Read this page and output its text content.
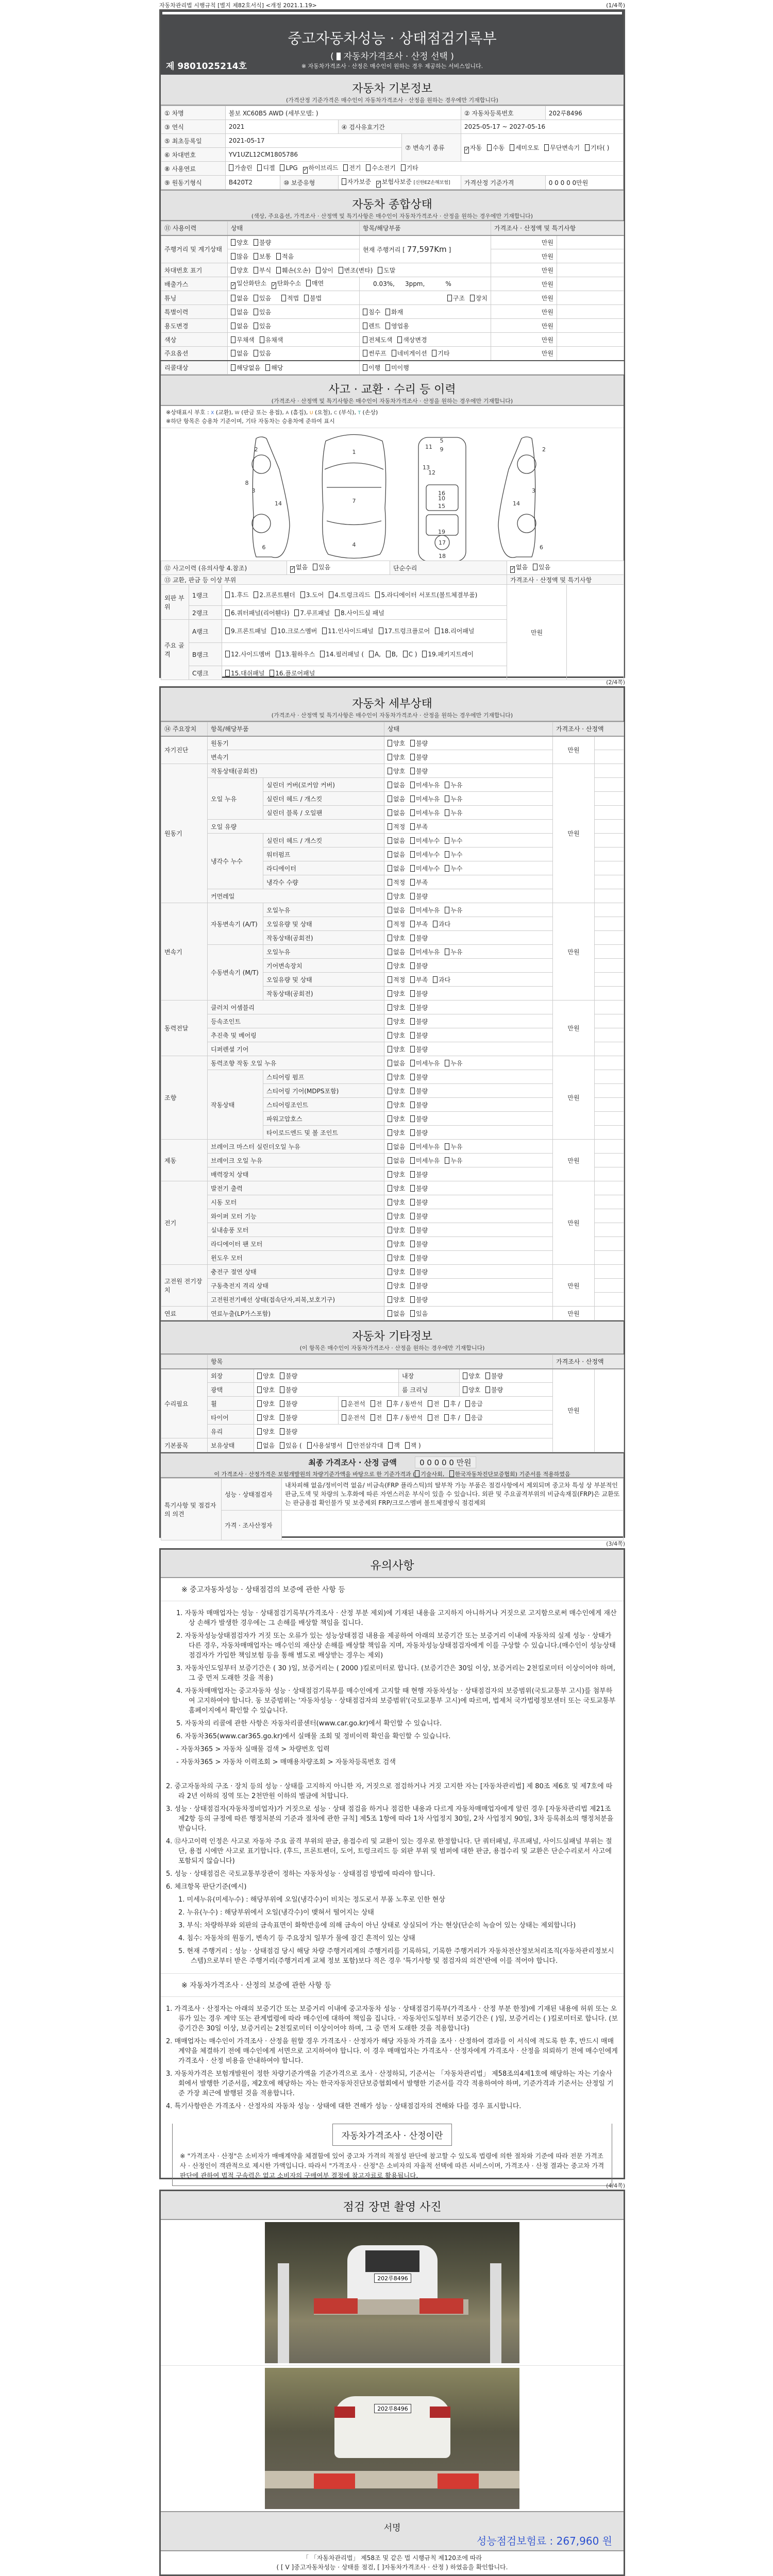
자동차관리법 시행규칙 [별지 제82호서식] <개정 2021.1.19>	(1/4쪽)
중고자동차성능 · 상태점검기록부
( 자동차가격조사 · 산정 선택 )
※ 자동차가격조사 · 산정은 매수인이 원하는 경우 제공하는 서비스입니다.
제 9801025214호
자동차 기본정보

(가격산정 기준가격은 매수인이 자동차가격조사 · 산정을 원하는 경우에만 기재합니다)

① 차명	볼보 XC60B5 AWD (세부모델: )				② 자동차등록번호	202루8496
③ 연식	2021		④ 검사유효기간		2025-05-17 ~ 2027-05-16	
⑤ 최초등록일	2021-05-17			⑦ 변속기 종류	✓ 자동 수동 세미오토 무단변속기 기타( )	
⑥ 차대번호	YV1UZL12CM1805786					
⑧ 사용연료	가솔린 디젤 LPG ✓ 하이브리드 전기 수소전기 기타					
⑨ 원동기형식	B420T2	⑩ 보증유형	자가보증 ✓ 보험사보증 [신한EZ손해보험]		가격산정 기준가격	0 0 0 0 0만원
자동차 종합상태

(색상, 주요옵션, 가격조사 · 산정액 및 특기사항은 매수인이 자동차가격조사 · 산정을 원하는 경우에만 기재합니다)

⑪ 사용이력	상태	항목/해당부품	가격조사 · 산정액 및 특기사항	
주행거리 및 계기상태	양호 불량	현재 주행거리 [ 77,597Km ]	만원	
	많음 보통 적음		만원	
차대번호 표기	양호 부식 훼손(오손) 상이 변조(변타) 도말		만원	
배출가스	✓ 일산화탄소 ✓ 탄화수소 매연	0.03%, 3ppm, %	만원	
튜닝	없음 있음 적법 불법	구조 장치	만원	
특별이력	없음 있음	침수 화재	만원	
용도변경	없음 있음	렌트 영업용	만원	
색상	무채색 유채색	전체도색 색상변경	만원	
주요옵션	없음 있음	썬루프 네비게이션 기타	만원	
리콜대상	해당없음 해당	이행 미이행		
사고 · 교환 · 수리 등 이력

(가격조사 · 산정액 및 특기사항은 매수인이 자동차가격조사 · 산정을 원하는 경우에만 기재합니다)

※상태표시 부호 : X (교환), W (판금 또는 용접), A (흠집), U (요철), C (부식), T (손상)
※하단 항목은 승용차 기준이며, 기타 자동차는 승용차에 준하여 표시
1
2
3
4
5
6
7
8
9
10
11
12
13
14	15
16
17
18
19
2
3
6
14
⑫ 사고이력 (유의사항 4.참조)			✓ 없음 있음	단순수리	✓ 없음 있음	
⑬ 교환, 판금 등 이상 부위					가격조사 · 산정액 및 특기사항	
외판 부위	1랭크	1.후드 2.프론트휀더 3.도어 4.트렁크리드 5.라디에이터 서포트(볼트체결부품)			만원	
	2랭크	6.쿼터패널(리어휀다) 7.루프패널 8.사이드실 패널				
주요 골격	A랭크	9.프론트패널 10.크로스멤버 11.인사이드패널 17.트렁크플로어 18.리어패널				
	B랭크	12.사이드멤버 13.휠하우스 14.필러패널 ( A, B, C ) 19.패키지트레이				
	C랭크	15.대쉬패널 16.플로어패널				
(2/4쪽)
자동차 세부상태

(가격조사 · 산정액 및 특기사항은 매수인이 자동차가격조사 · 산정을 원하는 경우에만 기재합니다)

⑭ 주요장치	항목/해당부품		상태	가격조사 · 산정액	
자기진단	원동기		양호 불량	만원	
	변속기		양호 불량		
원동기	작동상태(공회전)		양호 불량	만원	
	오일 누유	실린더 커버(로커암 커버)	없음 미세누유 누유		
		실린더 헤드 / 개스킷	없음 미세누유 누유		
		실린더 블록 / 오일팬	없음 미세누유 누유		
	오일 유량		적정 부족		
	냉각수 누수	실린더 헤드 / 개스킷	없음 미세누수 누수		
		워터펌프	없음 미세누수 누수		
		라디에이터	없음 미세누수 누수		
		냉각수 수량	적정 부족		
	커먼레일		양호 불량		
변속기	자동변속기 (A/T)	오일누유	없음 미세누유 누유	만원	
		오일유량 및 상태	적정 부족 과다		
		작동상태(공회전)	양호 불량		
	수동변속기 (M/T)	오일누유	없음 미세누유 누유		
		기어변속장치	양호 불량		
		오일유량 및 상태	적정 부족 과다		
		작동상태(공회전)	양호 불량		
동력전달	클러치 어셈블리		양호 불량	만원	
	등속조인트		양호 불량		
	추진축 및 베어링		양호 불량		
	디퍼렌셜 기어		양호 불량		
조향	동력조향 작동 오일 누유		없음 미세누유 누유	만원	
	작동상태	스티어링 펌프	양호 불량		
		스티어링 기어(MDPS포함)	양호 불량		
		스티어링조인트	양호 불량		
		파워고압호스	양호 불량		
		타이로드엔드 및 볼 조인트	양호 불량		
제동	브레이크 마스터 실린더오일 누유		없음 미세누유 누유	만원	
	브레이크 오일 누유		없음 미세누유 누유		
	배력장치 상태		양호 불량		
전기	발전기 출력		양호 불량	만원	
	시동 모터		양호 불량		
	와이퍼 모터 기능		양호 불량		
	실내송풍 모터		양호 불량		
	라디에이터 팬 모터		양호 불량		
	윈도우 모터		양호 불량		
고전원 전기장치	충전구 절연 상태		양호 불량	만원	
	구동축전지 격리 상태		양호 불량		
	고전원전기배선 상태(접속단자,피복,보호기구)		양호 불량		
연료	연료누출(LP가스포함)		없음 있음	만원	
자동차 기타정보

(이 항목은 매수인이 자동차가격조사 · 산정을 원하는 경우에만 기재합니다)

	항목					가격조사 · 산정액	
수리필요	외장	양호 불량		내장	양호 불량	만원	
	광택	양호 불량		룸 크리닝	양호 불량		
	휠	양호 불량	운전석 전 후 / 동반석 전 후 / 응급				
	타이어	양호 불량	운전석 전 후 / 동반석 전 후 / 응급				
	유리	양호 불량					
기본품목	보유상태	없음 있음 ( 사용설명서 안전삼각대 잭 잭 )					
최종 가격조사 · 산정 금액	0 0 0 0 0 만원
이 가격조사 · 산정가격은 보험개발원의 차량기준가액을 바탕으로 한 기준가격과 ( 기술사회, 한국자동차진단보증협회) 기준서를 적용하였음
특기사항 및 점검자의 의견	성능 · 상태점검자	내차피해 없음/정비이력 없음/ 비금속(FRP 플라스틱)의 탈부착 가능 부품은 점검사항에서 제외되며 중고차 특성 상 부분적인 판금,도색 및 차량의 노후화에 따른 자연스러운 부식이 있을 수 있습니다. 외판 및 주요골격부위의 비금속재질(FRP)은 교환또는 판금용접 확인불가 및 보증제외 FRP/크로스멤버 볼트체결방식 점검제외
	가격 · 조사산정자	
(3/4쪽)
유의사항
※ 중고자동차성능 · 상태점검의 보증에 관한 사항 등
1. 자동차 매매업자는 성능 · 상태점검기록부(가격조사 · 산정 부분 제외)에 기재된 내용을 고지하지 아니하거나 거짓으로 고지함으로써 매수인에게 재산상 손해가 발생한 경우에는 그 손해를 배상할 책임을 집니다.
2. 자동차성능상태점검자가 거짓 또는 오류가 있는 성능상태점검 내용을 제공하여 아래의 보증기간 또는 보증거리 이내에 자동차의 실제 성능 · 상태가 다른 경우, 자동차매매업자는 매수인의 재산상 손해를 배상할 책임을 지며, 자동차성능상태점검자에게 이를 구상할 수 있습니다.(매수인이 성능상태점검자가 가입한 책임보험 등을 통해 별도로 배상받는 경우는 제외)
3. 자동차인도일부터 보증기간은 ( 30 )일, 보증거리는 ( 2000 )킬로미터로 합니다. (보증기간은 30일 이상, 보증거리는 2천킬로미터 이상이어야 하며, 그 중 먼저 도래한 것을 적용)
4. 자동차매매업자는 중고자동차 성능 · 상태점검기록부를 매수인에게 고지할 때 현행 자동차성능 · 상태점검자의 보증범위(국토교통부 고시)를 첨부하여 고지하여야 합니다. 동 보증범위는 '자동차성능 · 상태점검자의 보증범위'(국토교통부 고시)에 따르며, 법제처 국가법령정보센터 또는 국토교통부 홈페이지에서 확인할 수 있습니다.
5. 자동차의 리콜에 관한 사항은 자동차리콜센터(www.car.go.kr)에서 확인할 수 있습니다.
6. 자동차365(www.car365.go.kr)에서 실매물 조회 및 정비이력 확인을 확인할 수 있습니다.
- 자동차365 > 자동차 실매물 검색 > 차량번호 입력
- 자동차365 > 자동차 이력조회 > 매매용차량조회 > 자동차등록번호 검색
2. 중고자동차의 구조 · 장치 등의 성능 · 상태를 고지하지 아니한 자, 거짓으로 점검하거나 거짓 고지한 자는 [자동차관리법] 제 80조 제6호 및 제7호에 따라 2년 이하의 징역 또는 2천만원 이하의 벌금에 처합니다.
3. 성능 · 상태점검자(자동차정비업자)가 거짓으로 성능 · 상태 점검을 하거나 점검한 내용과 다르게 자동차매매업자에게 알린 경우 [자동차관리법 제21조 제2항 등의 규정에 따른 행정처분의 기준과 절차에 관한 규칙] 제5조 1항에 따라 1차 사업정지 30일, 2차 사업정지 90일, 3차 등록취소의 행정처분을 받습니다.
4. ⑫사고이력 인정은 사고로 자동차 주요 골격 부위의 판금, 용접수리 및 교환이 있는 경우로 한정합니다. 단 쿼터패널, 루프패널, 사이드실패널 부위는 절단, 용접 시에만 사고로 표기합니다. (후드, 프론트펜더, 도어, 트렁크리드 등 외판 부위 및 범퍼에 대한 판금, 용접수리 및 교환은 단순수리로서 사고에 포함되지 않습니다)
5. 성능 · 상태점검은 국토교통부장관이 정하는 자동차성능 · 상태점검 방법에 따라야 합니다.
6. 체크항목 판단기준(예시)
1. 미세누유(미세누수) : 해당부위에 오일(냉각수)이 비치는 정도로서 부품 노후로 인한 현상
2. 누유(누수) : 해당부위에서 오일(냉각수)이 맺혀서 떨어지는 상태
3. 부식: 차량하부와 외판의 금속표면이 화학반응에 의해 금속이 아닌 상태로 상실되어 가는 현상(단순히 녹슬어 있는 상태는 제외합니다)
4. 침수: 자동차의 원동기, 변속기 등 주요장치 일부가 물에 잠긴 흔적이 있는 상태
5. 현재 주행거리 : 성능 · 상태점검 당시 해당 차량 주행거리계의 주행거리를 기록하되, 기록한 주행거리가 자동차전산정보처리조직(자동차관리정보시스템)으로부터 받은 주행거리(주행거리계 교체 정보 포함)보다 적은 경우 '특기사항 및 점검자의 의견'란에 이를 적어야 합니다.
※ 자동차가격조사 · 산정의 보증에 관한 사항 등
1. 가격조사 · 산정자는 아래의 보증기간 또는 보증거리 이내에 중고자동차 성능 · 상태점검기록부(가격조사 · 산정 부분 한정)에 기재된 내용에 허위 또는 오류가 있는 경우 계약 또는 관계법령에 따라 매수인에 대하여 책임을 집니다. · 자동차인도일부터 보증기간은 ( )일, 보증거리는 ( )킬로미터로 합니다. (보증기간은 30일 이상, 보증거리는 2천킬로미터 이상이어야 하며, 그 중 먼저 도래한 것을 적용합니다)
2. 매매업자는 매수인이 가격조사 · 산정을 원할 경우 가격조사 · 산정자가 해당 자동차 가격을 조사 · 산정하여 결과를 이 서식에 적도록 한 후, 반드시 매매계약을 체결하기 전에 매수인에게 서면으로 고지하여야 합니다. 이 경우 매매업자는 가격조사 · 산정자에게 가격조사 · 산정을 의뢰하기 전에 매수인에게 가격조사 · 산정 비용을 안내하여야 합니다.
3. 자동차가격은 보험개발원이 정한 차량기준가액을 기준가격으로 조사 · 산정하되, 기준서는 「자동차관리법」 제58조의4제1호에 해당하는 자는 기술사회에서 발행한 기준서를, 제2호에 해당하는 자는 한국자동차진단보증협회에서 발행한 기준서를 각각 적용하여야 하며, 기준가격과 기준서는 산정일 기준 가장 최근에 발행된 것을 적용합니다.
4. 특기사항란은 가격조사 · 산정자의 자동차 성능 · 상태에 대한 견해가 성능 · 상태점검자의 견해와 다를 경우 표시합니다.
자동차가격조사 · 산정이란
※ "가격조사 · 산정"은 소비자가 매매계약을 체결함에 있어 중고차 가격의 적절성 판단에 참고할 수 있도록 법령에 의한 절차와 기준에 따라 전문 가격조사 · 산정인이 객관적으로 제시한 가액입니다. 따라서 "가격조사 · 산정"은 소비자의 자율적 선택에 따른 서비스이며, 가격조사 · 산정 결과는 중고차 가격판단에 관하여 법적 구속력은 없고 소비자의 구매여부 결정에 참고자료로 활용됩니다.
(4/4쪽)
점검 장면 촬영 사진
202루8496
202루8496
서명
성능점검보험료 : 267,960 원
「 「자동차관리법」 제58조 및 같은 법 시행규칙 제120조에 따라
( [ V ]중고자동차성능 · 상태를 점검, [ ]자동차가격조사 · 산정 ) 하였음을 확인합니다.
